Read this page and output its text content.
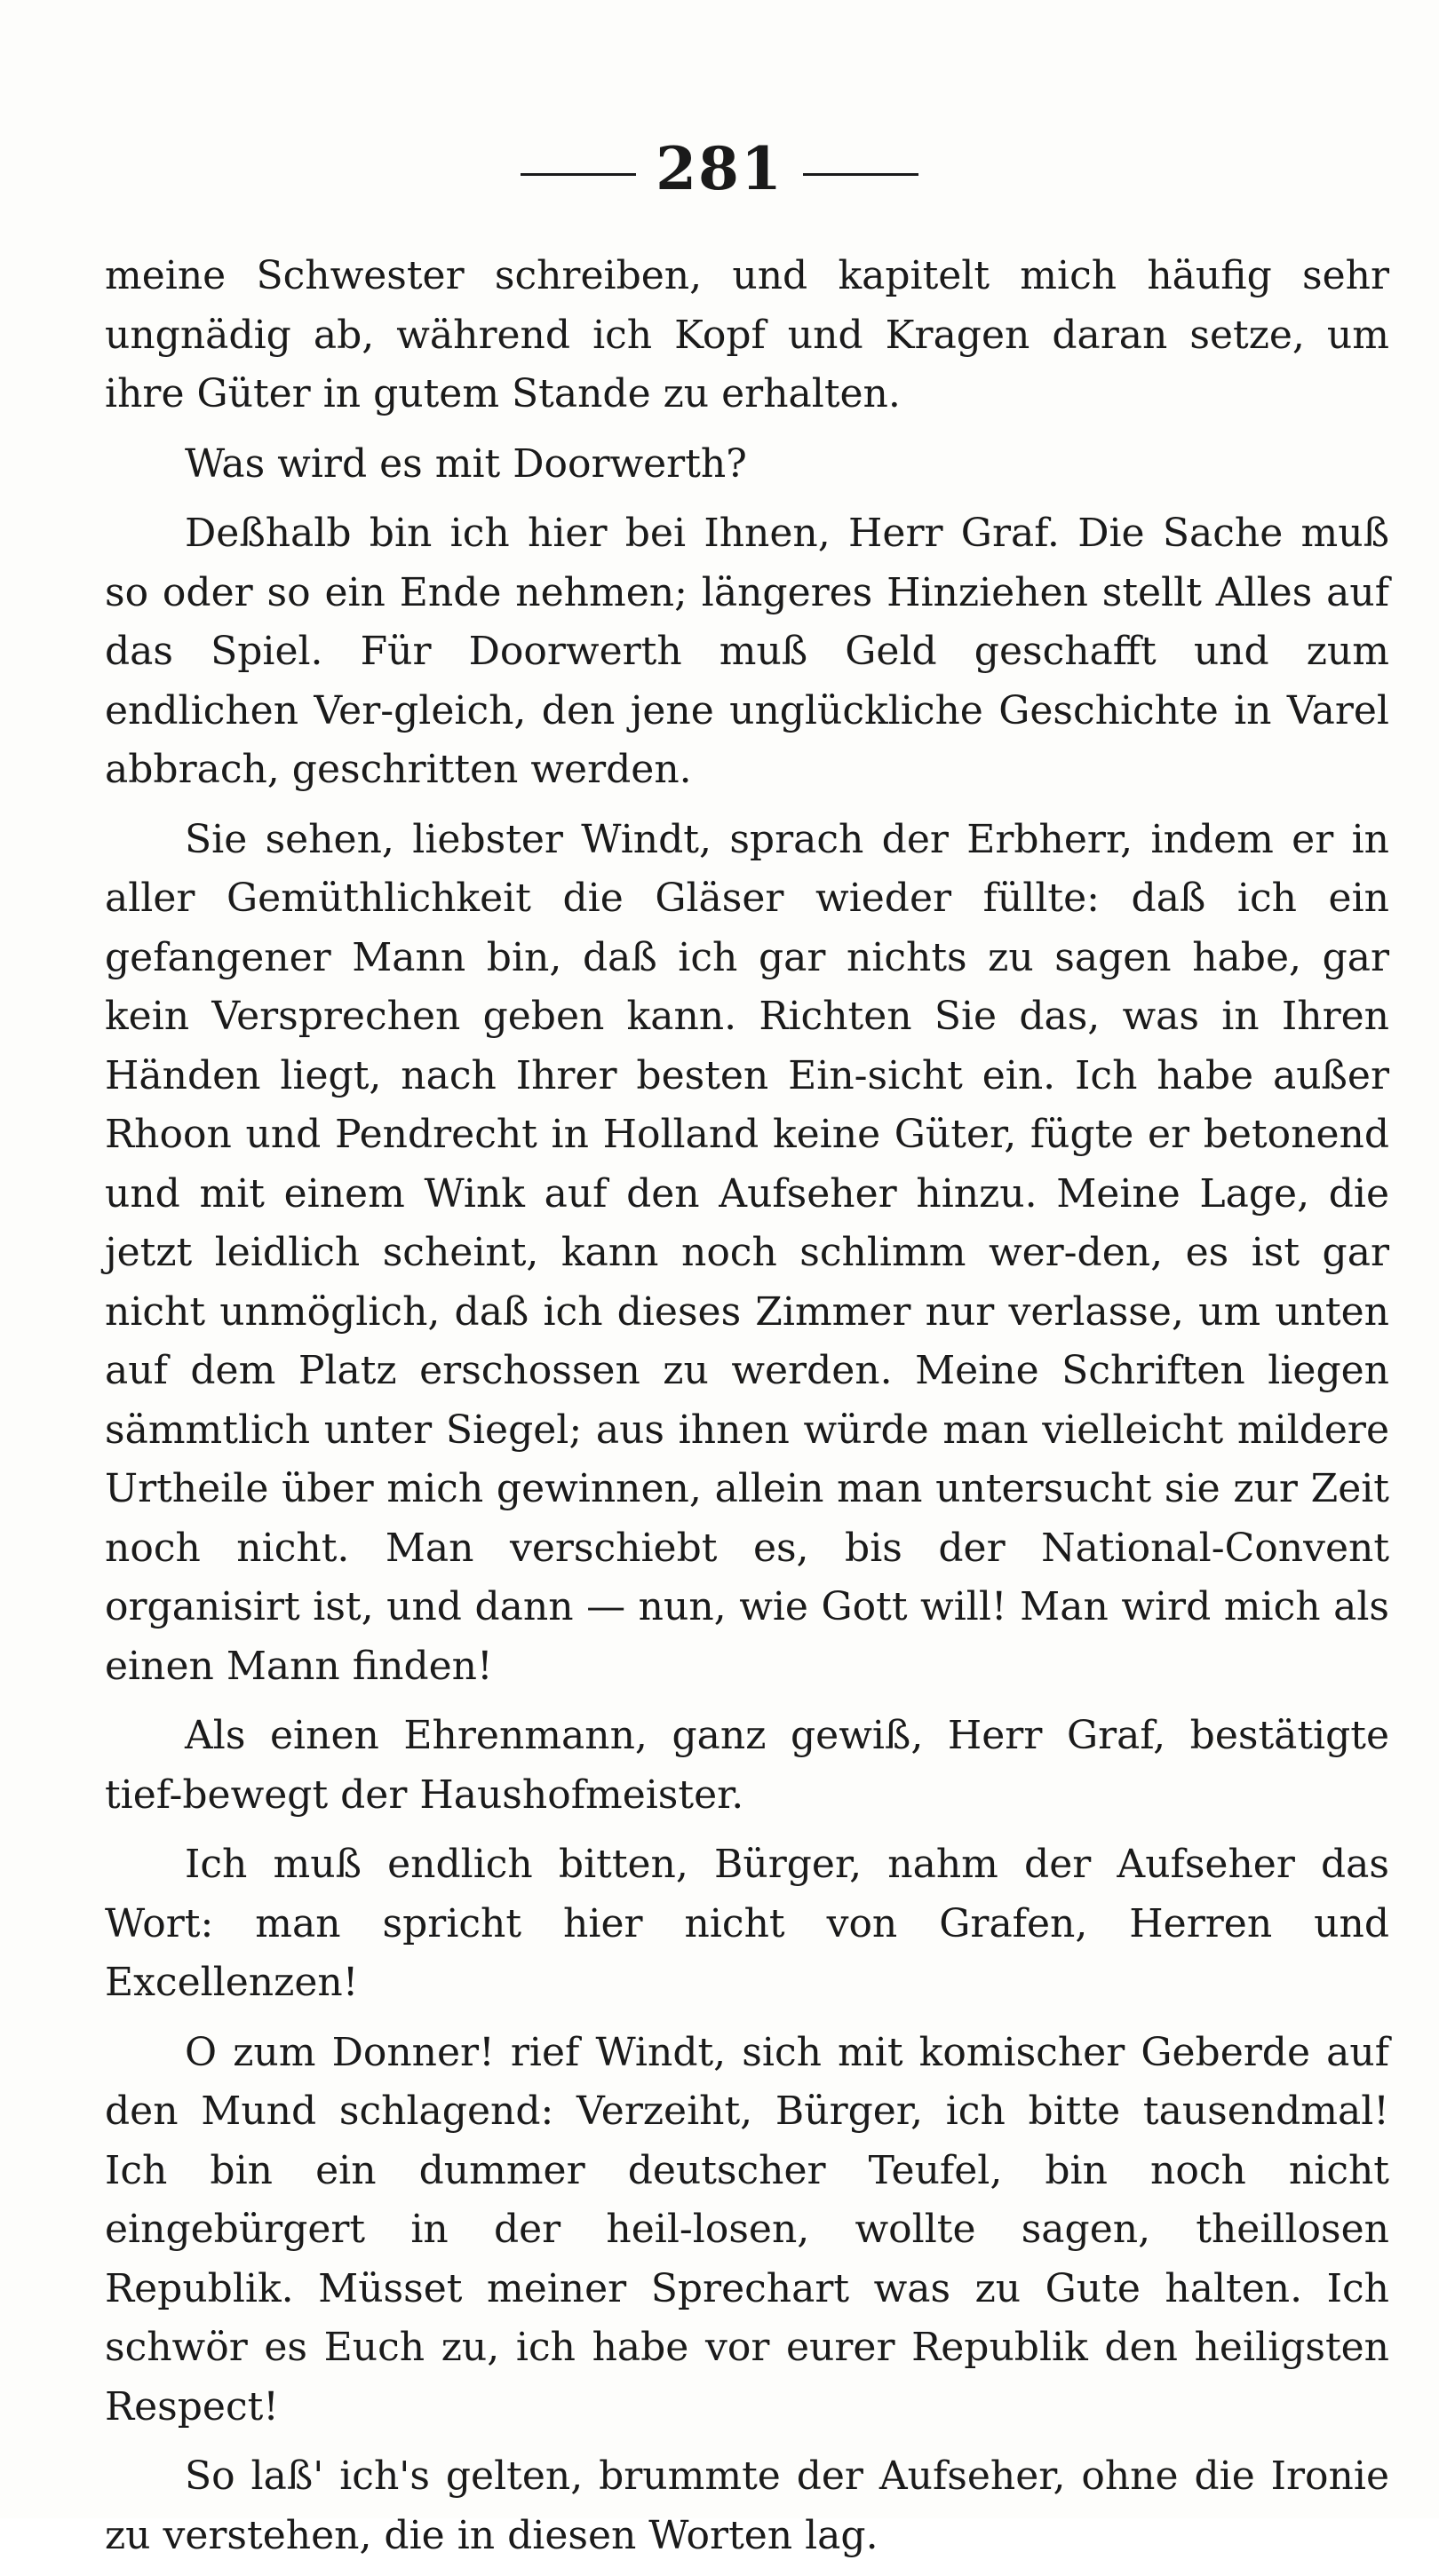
281

meine Schwester schreiben, und kapitelt mich häufig sehr ungnädig ab, während ich Kopf und Kragen daran setze, um ihre Güter in gutem Stande zu erhalten.

Was wird es mit Doorwerth?

Deßhalb bin ich hier bei Ihnen, Herr Graf. Die Sache muß so oder so ein Ende nehmen; längeres Hinziehen stellt Alles auf das Spiel. Für Doorwerth muß Geld geschafft und zum endlichen Ver-gleich, den jene unglückliche Geschichte in Varel abbrach, geschritten werden.

Sie sehen, liebster Windt, sprach der Erbherr, indem er in aller Gemüthlichkeit die Gläser wieder füllte: daß ich ein gefangener Mann bin, daß ich gar nichts zu sagen habe, gar kein Versprechen geben kann. Richten Sie das, was in Ihren Händen liegt, nach Ihrer besten Ein-sicht ein. Ich habe außer Rhoon und Pendrecht in Holland keine Güter, fügte er betonend und mit einem Wink auf den Aufseher hinzu. Meine Lage, die jetzt leidlich scheint, kann noch schlimm wer-den, es ist gar nicht unmöglich, daß ich dieses Zimmer nur verlasse, um unten auf dem Platz erschossen zu werden. Meine Schriften liegen sämmtlich unter Siegel; aus ihnen würde man vielleicht mildere Urtheile über mich gewinnen, allein man untersucht sie zur Zeit noch nicht. Man verschiebt es, bis der National-Convent organisirt ist, und dann — nun, wie Gott will! Man wird mich als einen Mann finden!

Als einen Ehrenmann, ganz gewiß, Herr Graf, bestätigte tief-bewegt der Haushofmeister.

Ich muß endlich bitten, Bürger, nahm der Aufseher das Wort: man spricht hier nicht von Grafen, Herren und Excellenzen!

O zum Donner! rief Windt, sich mit komischer Geberde auf den Mund schlagend: Verzeiht, Bürger, ich bitte tausendmal! Ich bin ein dummer deutscher Teufel, bin noch nicht eingebürgert in der heil-losen, wollte sagen, theillosen Republik. Müsset meiner Sprechart was zu Gute halten. Ich schwör es Euch zu, ich habe vor eurer Republik den heiligsten Respect!

So laß' ich's gelten, brummte der Aufseher, ohne die Ironie zu verstehen, die in diesen Worten lag.
